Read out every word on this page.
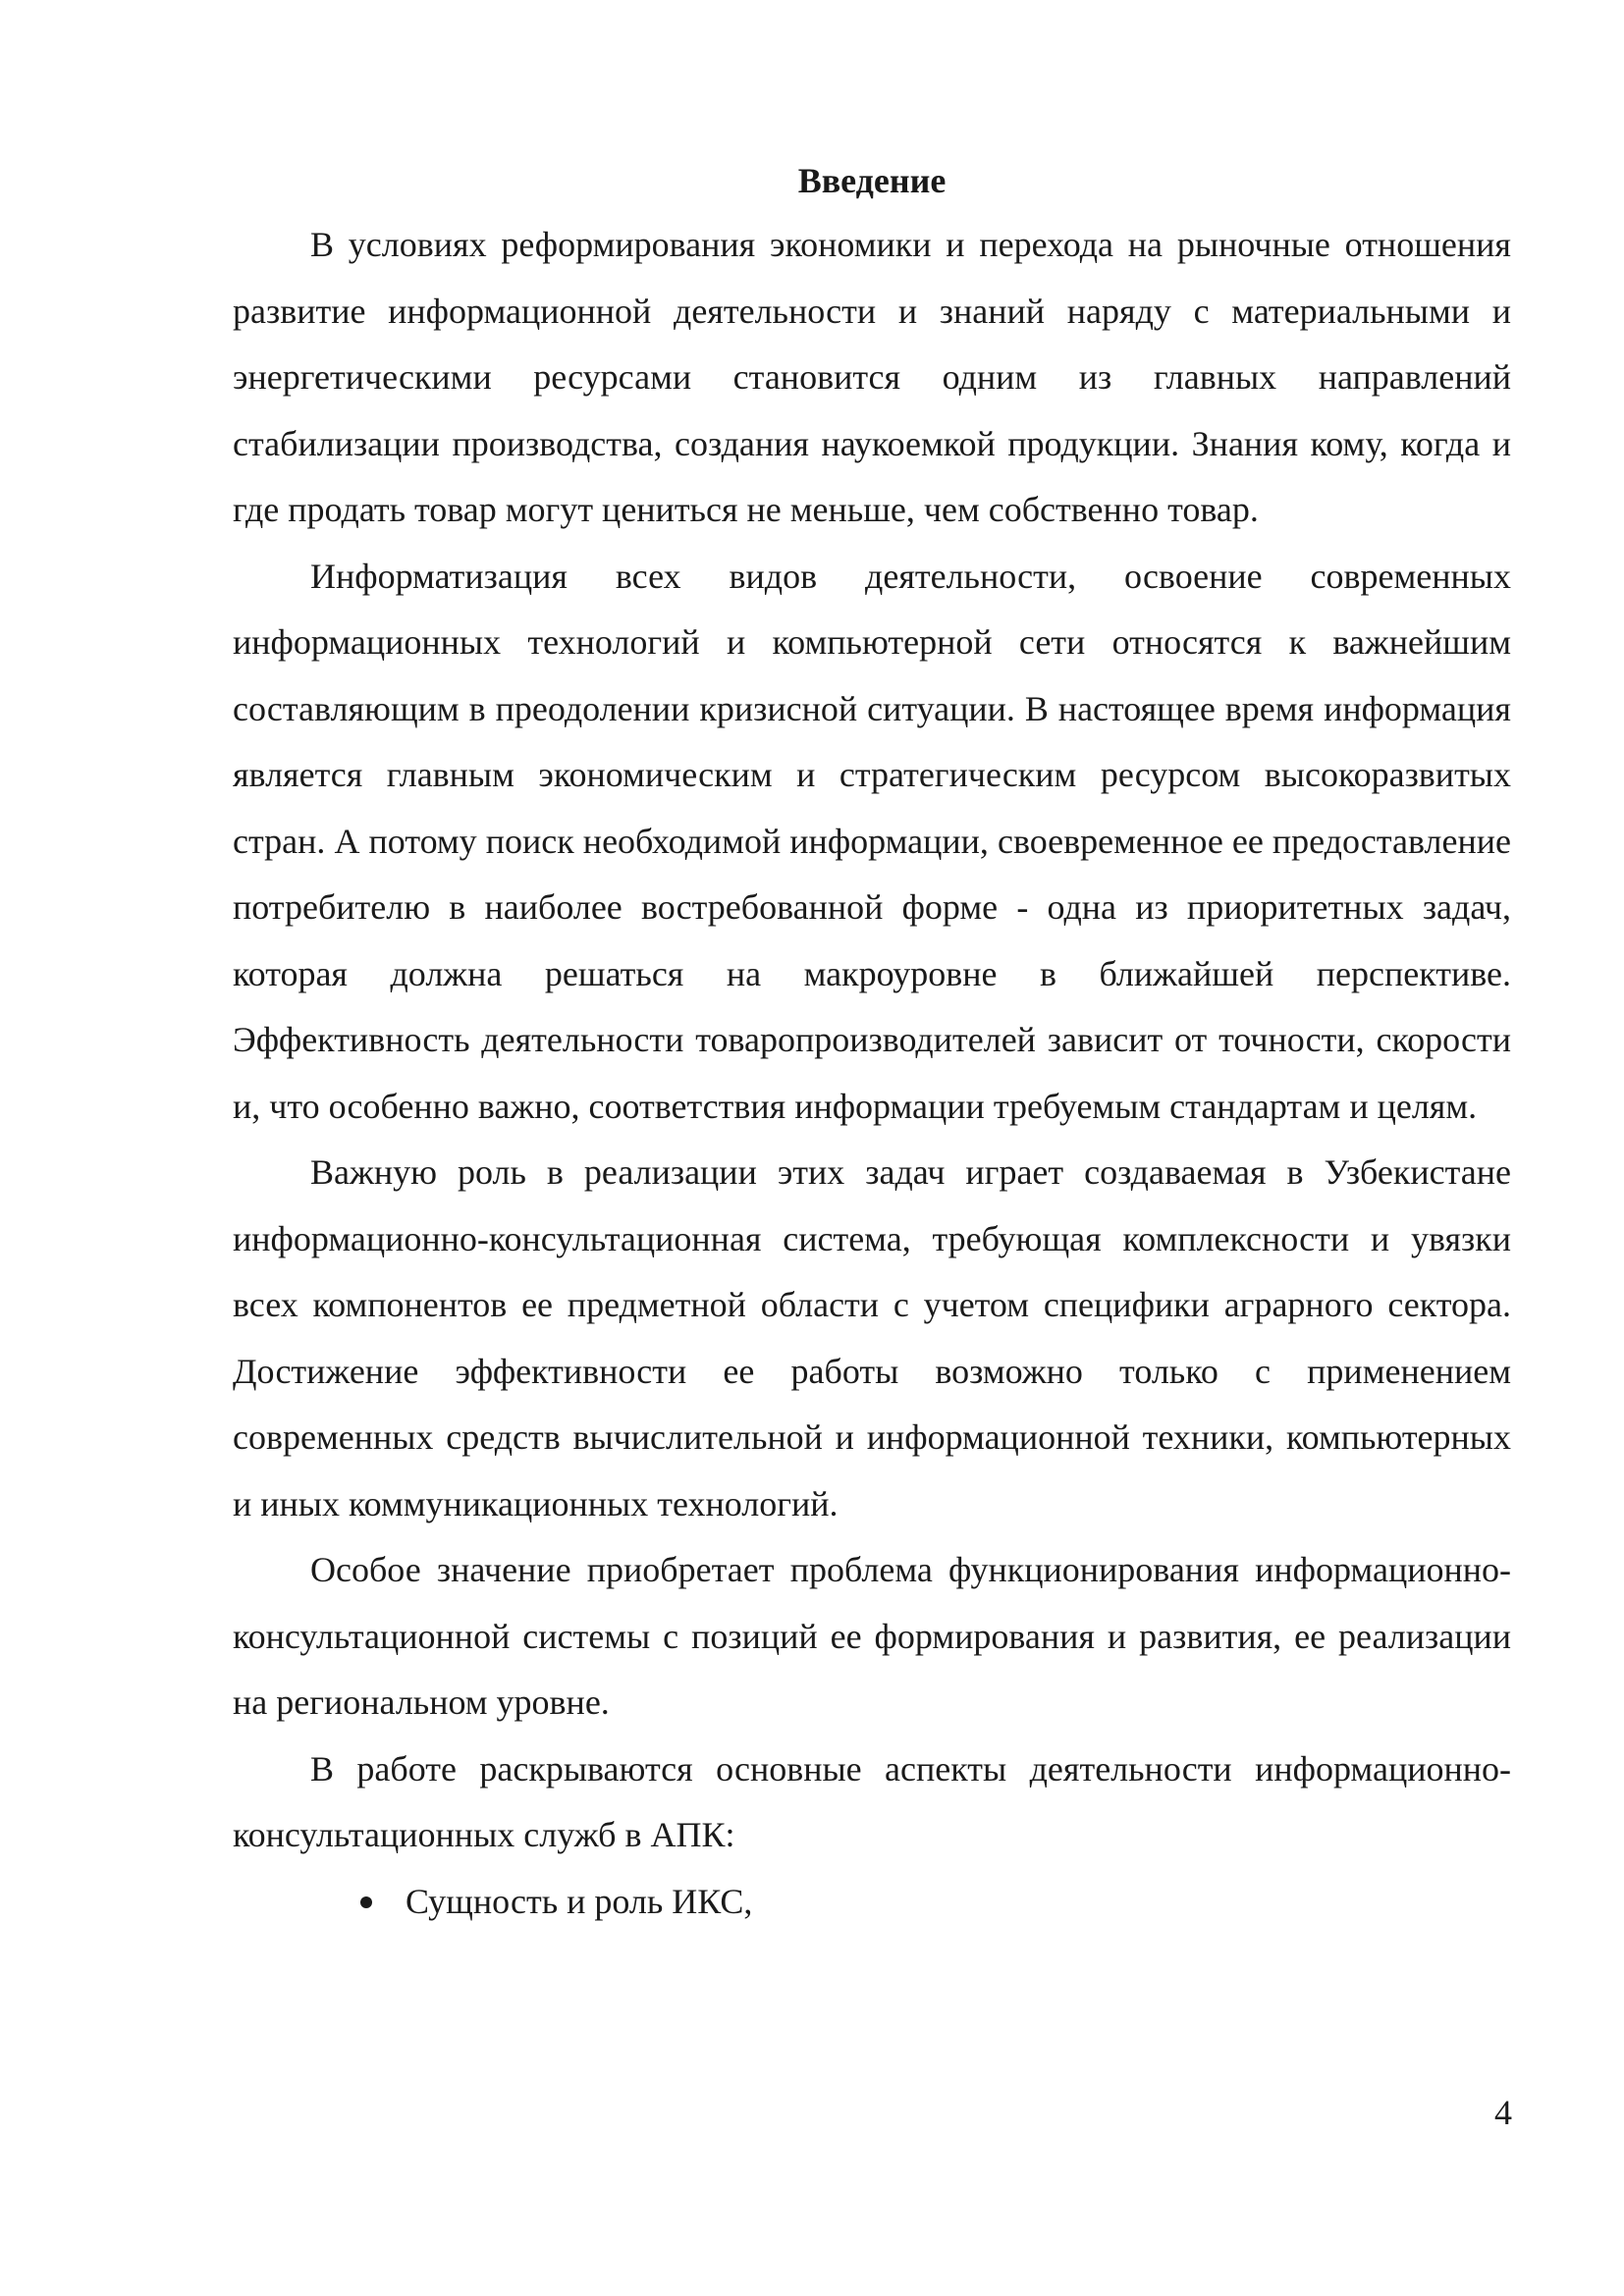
Введение

В условиях реформирования экономики и перехода на рыночные отношения развитие информационной деятельности и знаний наряду с материальными и энергетическими ресурсами становится одним из главных направлений стабилизации производства, создания наукоемкой продукции. Знания кому, когда и где продать товар могут цениться не меньше, чем собственно товар.

Информатизация всех видов деятельности, освоение современных информационных технологий и компьютерной сети относятся к важнейшим составляющим в преодолении кризисной ситуации. В настоящее время информация является главным экономическим и стратегическим ресурсом высокоразвитых стран. А потому поиск необходимой информации, своевременное ее предоставление потребителю в наиболее востребованной форме - одна из приоритетных задач, которая должна решаться на макроуровне в ближайшей перспективе. Эффективность деятельности товаропроизводителей зависит от точности, скорости и, что особенно важно, соответствия информации требуемым стандартам и целям.

Важную роль в реализации этих задач играет создаваемая в Узбекистане информационно-консультационная система, требующая комплексности и увязки всех компонентов ее предметной области с учетом специфики аграрного сектора. Достижение эффективности ее работы возможно только с применением современных средств вычислительной и информационной техники, компьютерных и иных коммуникационных технологий.

Особое значение приобретает проблема функционирования информационно-консультационной системы с позиций ее формирования и развития, ее реализации на региональном уровне.

В работе раскрываются основные аспекты деятельности информационно-консультационных служб в АПК:

Сущность и роль ИКС,
4
